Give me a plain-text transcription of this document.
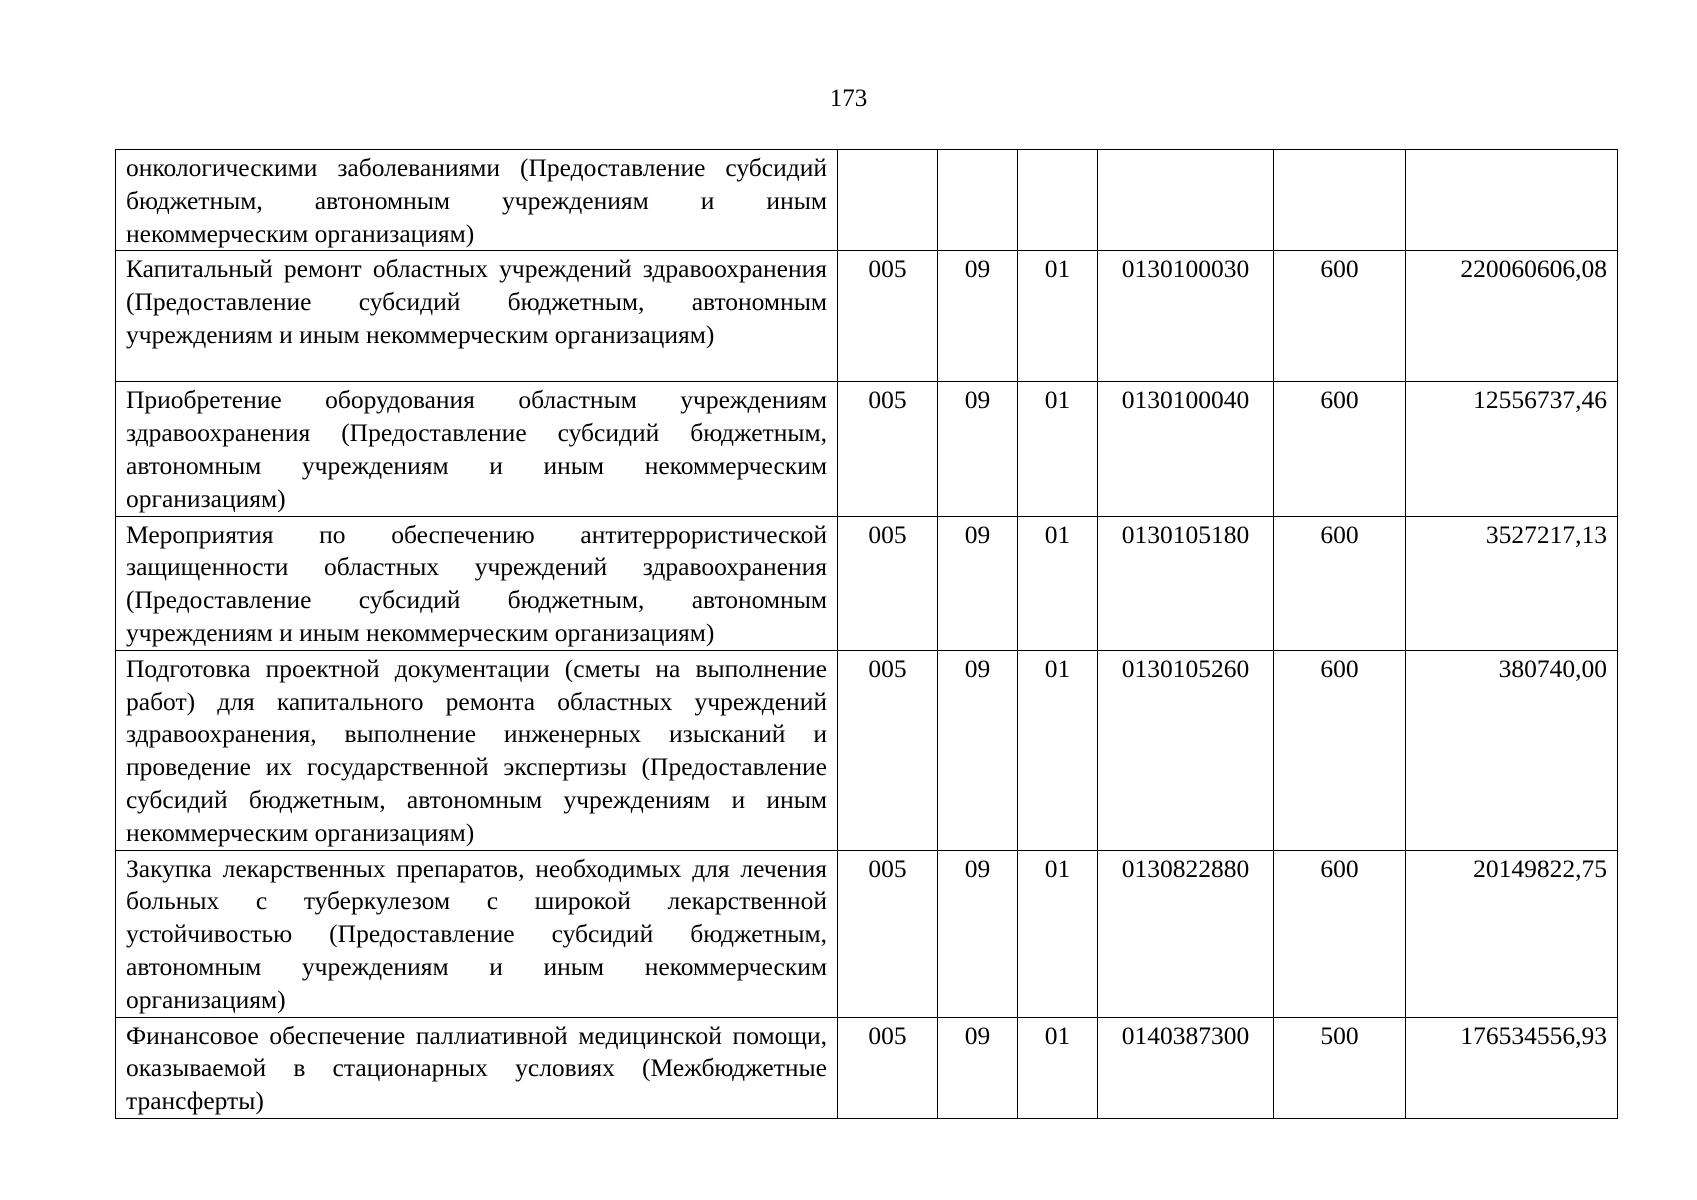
173
онкологическими заболеваниями (Предоставление субсидий бюджетным, автономным учреждениям и иным некоммерческим организациям)						
Капитальный ремонт областных учреждений здравоохранения (Предоставление субсидий бюджетным, автономным учреждениям и иным некоммерческим организациям)	005	09	01	0130100030	600	220060606,08
Приобретение оборудования областным учреждениям здравоохранения (Предоставление субсидий бюджетным, автономным учреждениям и иным некоммерческим организациям)	005	09	01	0130100040	600	12556737,46
Мероприятия по обеспечению антитеррористической защищенности областных учреждений здравоохранения (Предоставление субсидий бюджетным, автономным учреждениям и иным некоммерческим организациям)	005	09	01	0130105180	600	3527217,13
Подготовка проектной документации (сметы на выполнение работ) для капитального ремонта областных учреждений здравоохранения, выполнение инженерных изысканий и проведение их государственной экспертизы (Предоставление субсидий бюджетным, автономным учреждениям и иным некоммерческим организациям)	005	09	01	0130105260	600	380740,00
Закупка лекарственных препаратов, необходимых для лечения больных с туберкулезом с широкой лекарственной устойчивостью (Предоставление субсидий бюджетным, автономным учреждениям и иным некоммерческим организациям)	005	09	01	0130822880	600	20149822,75
Финансовое обеспечение паллиативной медицинской помощи, оказываемой в стационарных условиях (Межбюджетные трансферты)	005	09	01	0140387300	500	176534556,93
